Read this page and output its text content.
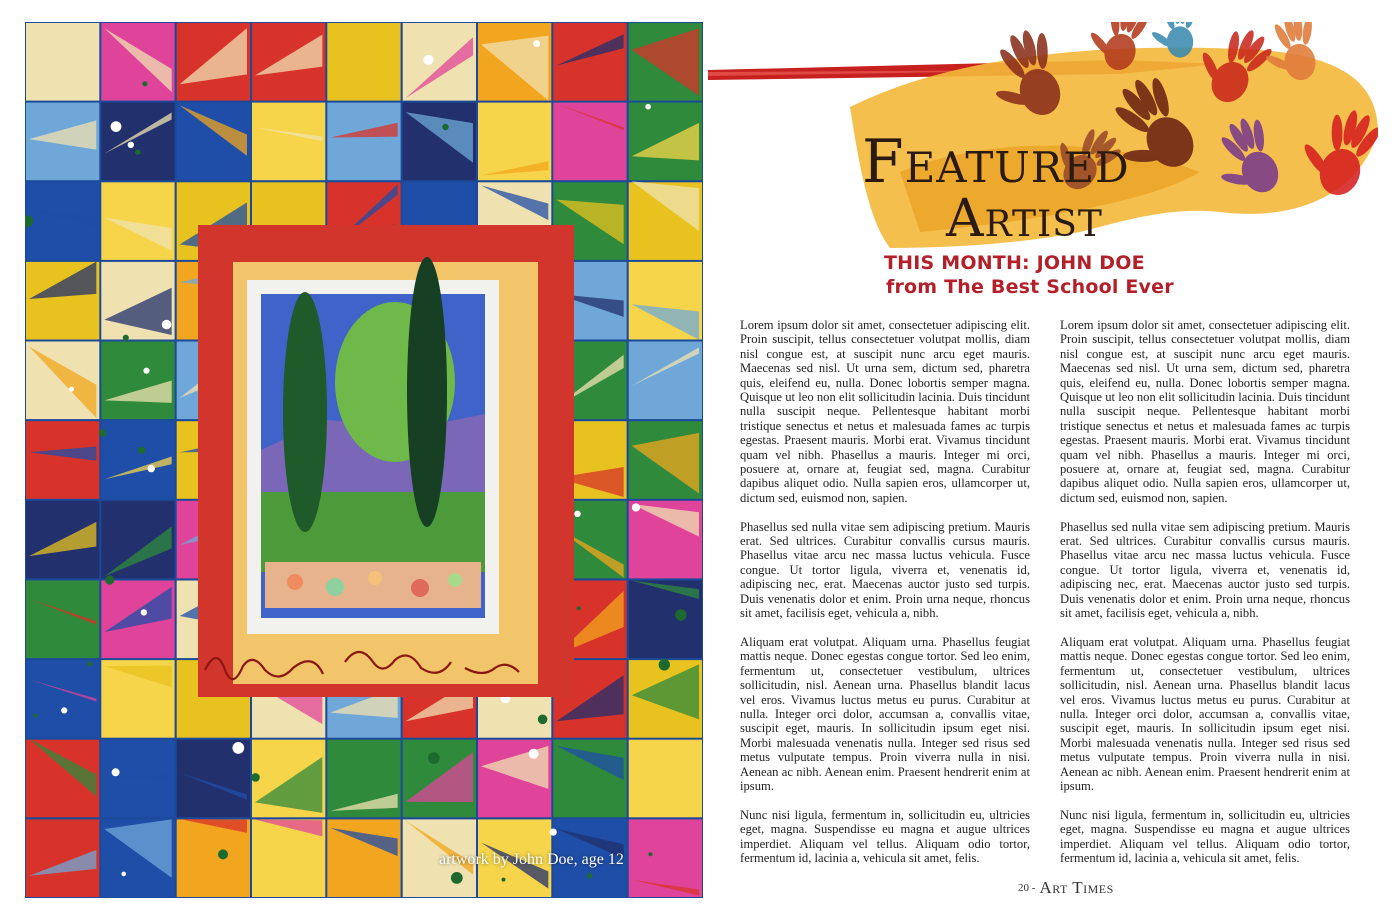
artwork by John Doe, age 12
Featured
Artist
THIS MONTH: JOHN DOE
from The Best School Ever

Lorem ipsum dolor sit amet, consectetuer adipiscing elit. Proin suscipit, tellus consectetuer volutpat mollis, diam nisl congue est, at suscipit nunc arcu eget mauris. Maecenas sed nisl. Ut urna sem, dictum sed, pharetra quis, eleifend eu, nulla. Donec lobortis semper magna. Quisque ut leo non elit sollicitudin lacinia. Duis tincidunt nulla suscipit neque. Pellentesque habitant morbi tristique senectus et netus et malesuada fames ac turpis egestas. Praesent mauris. Morbi erat. Vivamus tincidunt quam vel nibh. Phasellus a mauris. Integer mi orci, posuere at, ornare at, feugiat sed, magna. Curabitur dapibus aliquet odio. Nulla sapien eros, ullamcorper ut, dictum sed, euismod non, sapien.

Phasellus sed nulla vitae sem adipiscing pretium. Mauris erat. Sed ultrices. Curabitur convallis cursus mauris. Phasellus vitae arcu nec massa luctus vehicula. Fusce congue. Ut tortor ligula, viverra et, venenatis id, adipiscing nec, erat. Maecenas auctor justo sed turpis. Duis venenatis dolor et enim. Proin urna neque, rhoncus sit amet, facilisis eget, vehicula a, nibh.

Aliquam erat volutpat. Aliquam urna. Phasellus feugiat mattis neque. Donec egestas congue tortor. Sed leo enim, fermentum ut, consectetuer vestibulum, ultrices sollicitudin, nisl. Aenean urna. Phasellus blandit lacus vel eros. Vivamus luctus metus eu purus. Curabitur at nulla. Integer orci dolor, accumsan a, convallis vitae, suscipit eget, mauris. In sollicitudin ipsum eget nisi. Morbi malesuada venenatis nulla. Integer sed risus sed metus vulputate tempus. Proin viverra nulla in nisi. Aenean ac nibh. Aenean enim. Praesent hendrerit enim at ipsum.

Nunc nisi ligula, fermentum in, sollicitudin eu, ultricies eget, magna. Suspendisse eu magna et augue ultrices imperdiet. Aliquam vel tellus. Aliquam odio tortor, fermentum id, lacinia a, vehicula sit amet, felis.

Lorem ipsum dolor sit amet, consectetuer adipiscing elit. Proin suscipit, tellus consectetuer volutpat mollis, diam nisl congue est, at suscipit nunc arcu eget mauris. Maecenas sed nisl. Ut urna sem, dictum sed, pharetra quis, eleifend eu, nulla. Donec lobortis semper magna. Quisque ut leo non elit sollicitudin lacinia. Duis tincidunt nulla suscipit neque. Pellentesque habitant morbi tristique senectus et netus et malesuada fames ac turpis egestas. Praesent mauris. Morbi erat. Vivamus tincidunt quam vel nibh. Phasellus a mauris. Integer mi orci, posuere at, ornare at, feugiat sed, magna. Curabitur dapibus aliquet odio. Nulla sapien eros, ullamcorper ut, dictum sed, euismod non, sapien.

Phasellus sed nulla vitae sem adipiscing pretium. Mauris erat. Sed ultrices. Curabitur convallis cursus mauris. Phasellus vitae arcu nec massa luctus vehicula. Fusce congue. Ut tortor ligula, viverra et, venenatis id, adipiscing nec, erat. Maecenas auctor justo sed turpis. Duis venenatis dolor et enim. Proin urna neque, rhoncus sit amet, facilisis eget, vehicula a, nibh.

Aliquam erat volutpat. Aliquam urna. Phasellus feugiat mattis neque. Donec egestas congue tortor. Sed leo enim, fermentum ut, consectetuer vestibulum, ultrices sollicitudin, nisl. Aenean urna. Phasellus blandit lacus vel eros. Vivamus luctus metus eu purus. Curabitur at nulla. Integer orci dolor, accumsan a, convallis vitae, suscipit eget, mauris. In sollicitudin ipsum eget nisi. Morbi malesuada venenatis nulla. Integer sed risus sed metus vulputate tempus. Proin viverra nulla in nisi. Aenean ac nibh. Aenean enim. Praesent hendrerit enim at ipsum.

Nunc nisi ligula, fermentum in, sollicitudin eu, ultricies eget, magna. Suspendisse eu magna et augue ultrices imperdiet. Aliquam vel tellus. Aliquam odio tortor, fermentum id, lacinia a, vehicula sit amet, felis.

20 - Art Times
